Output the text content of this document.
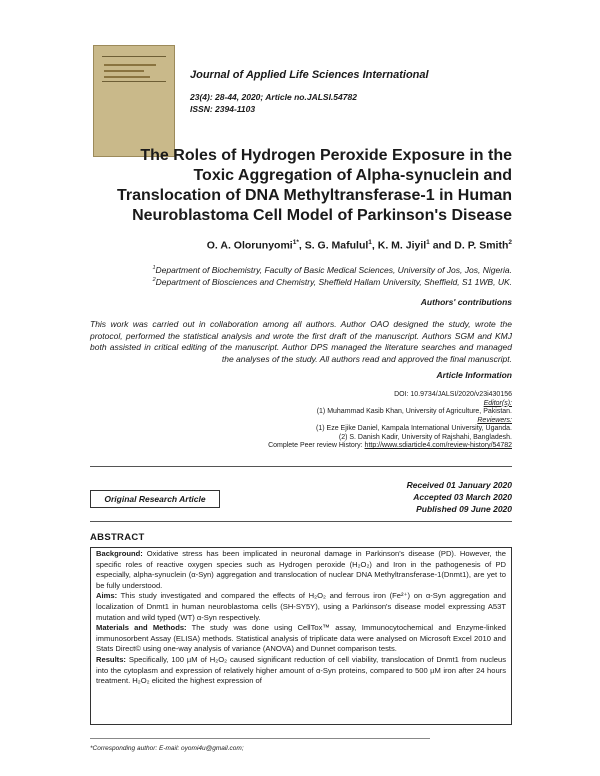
Journal of Applied Life Sciences International
23(4): 28-44, 2020; Article no.JALSI.54782
ISSN: 2394-1103
The Roles of Hydrogen Peroxide Exposure in the
Toxic Aggregation of Alpha-synuclein and
Translocation of DNA Methyltransferase-1 in Human
Neuroblastoma Cell Model of Parkinson's Disease
O. A. Olorunyomi$^{1*}$, S. G. Mafulul$^1$, K. M. Jiyil$^1$ and D. P. Smith$^2$
$^1$Department of Biochemistry, Faculty of Basic Medical Sciences, University of Jos, Jos, Nigeria.
$^2$Department of Biosciences and Chemistry, Sheffield Hallam University, Sheffield, S1 1WB, UK.
Authors' contributions
This work was carried out in collaboration among all authors. Author OAO designed the study, wrote the protocol, performed the statistical analysis and wrote the first draft of the manuscript. Authors SGM and KMJ both assisted in critical editing of the manuscript. Author DPS managed the literature searches and managed the analyses of the study. All authors read and approved the final manuscript.
Article Information
DOI: 10.9734/JALSI/2020/v23i430156
Editor(s):
(1) Muhammad Kasib Khan, University of Agriculture, Pakistan.
Reviewers:
(1) Eze Ejike Daniel, Kampala International University, Uganda.
(2) S. Danish Kadir, University of Rajshahi, Bangladesh.
Complete Peer review History: http://www.sdiarticle4.com/review-history/54782
Original Research Article
Received 01 January 2020
Accepted 03 March 2020
Published 09 June 2020
ABSTRACT

Background: Oxidative stress has been implicated in neuronal damage in Parkinson's disease (PD). However, the specific roles of reactive oxygen species such as Hydrogen peroxide (H₂O₂) and Iron in the pathogenesis of PD especially, alpha-synuclein (α-Syn) aggregation and translocation of nuclear DNA Methyltransferase-1(Dnmt1), are yet to be fully understood.

Aims: This study investigated and compared the effects of H₂O₂ and ferrous iron (Fe²⁺) on α-Syn aggregation and localization of Dnmt1 in human neuroblastoma cells (SH-SY5Y), using a Parkinson's disease model expressing A53T mutation and wild typed (WT) α-Syn respectively.

Materials and Methods: The study was done using CellTox™ assay, Immunocytochemical and Enzyme-linked immunosorbent Assay (ELISA) methods. Statistical analysis of triplicate data were analysed on Microsoft Excel 2010 and Stats Direct© using one-way analysis of variance (ANOVA) and Dunnet comparison tests.

Results: Specifically, 100 µM of H₂O₂ caused significant reduction of cell viability, translocation of Dnmt1 from nucleus into the cytoplasm and expression of relatively higher amount of α-Syn proteins, compared to 500 µM iron after 24 hours treatment. H₂O₂ elicited the highest expression of

*Corresponding author: E-mail: oyomi4u@gmail.com;
